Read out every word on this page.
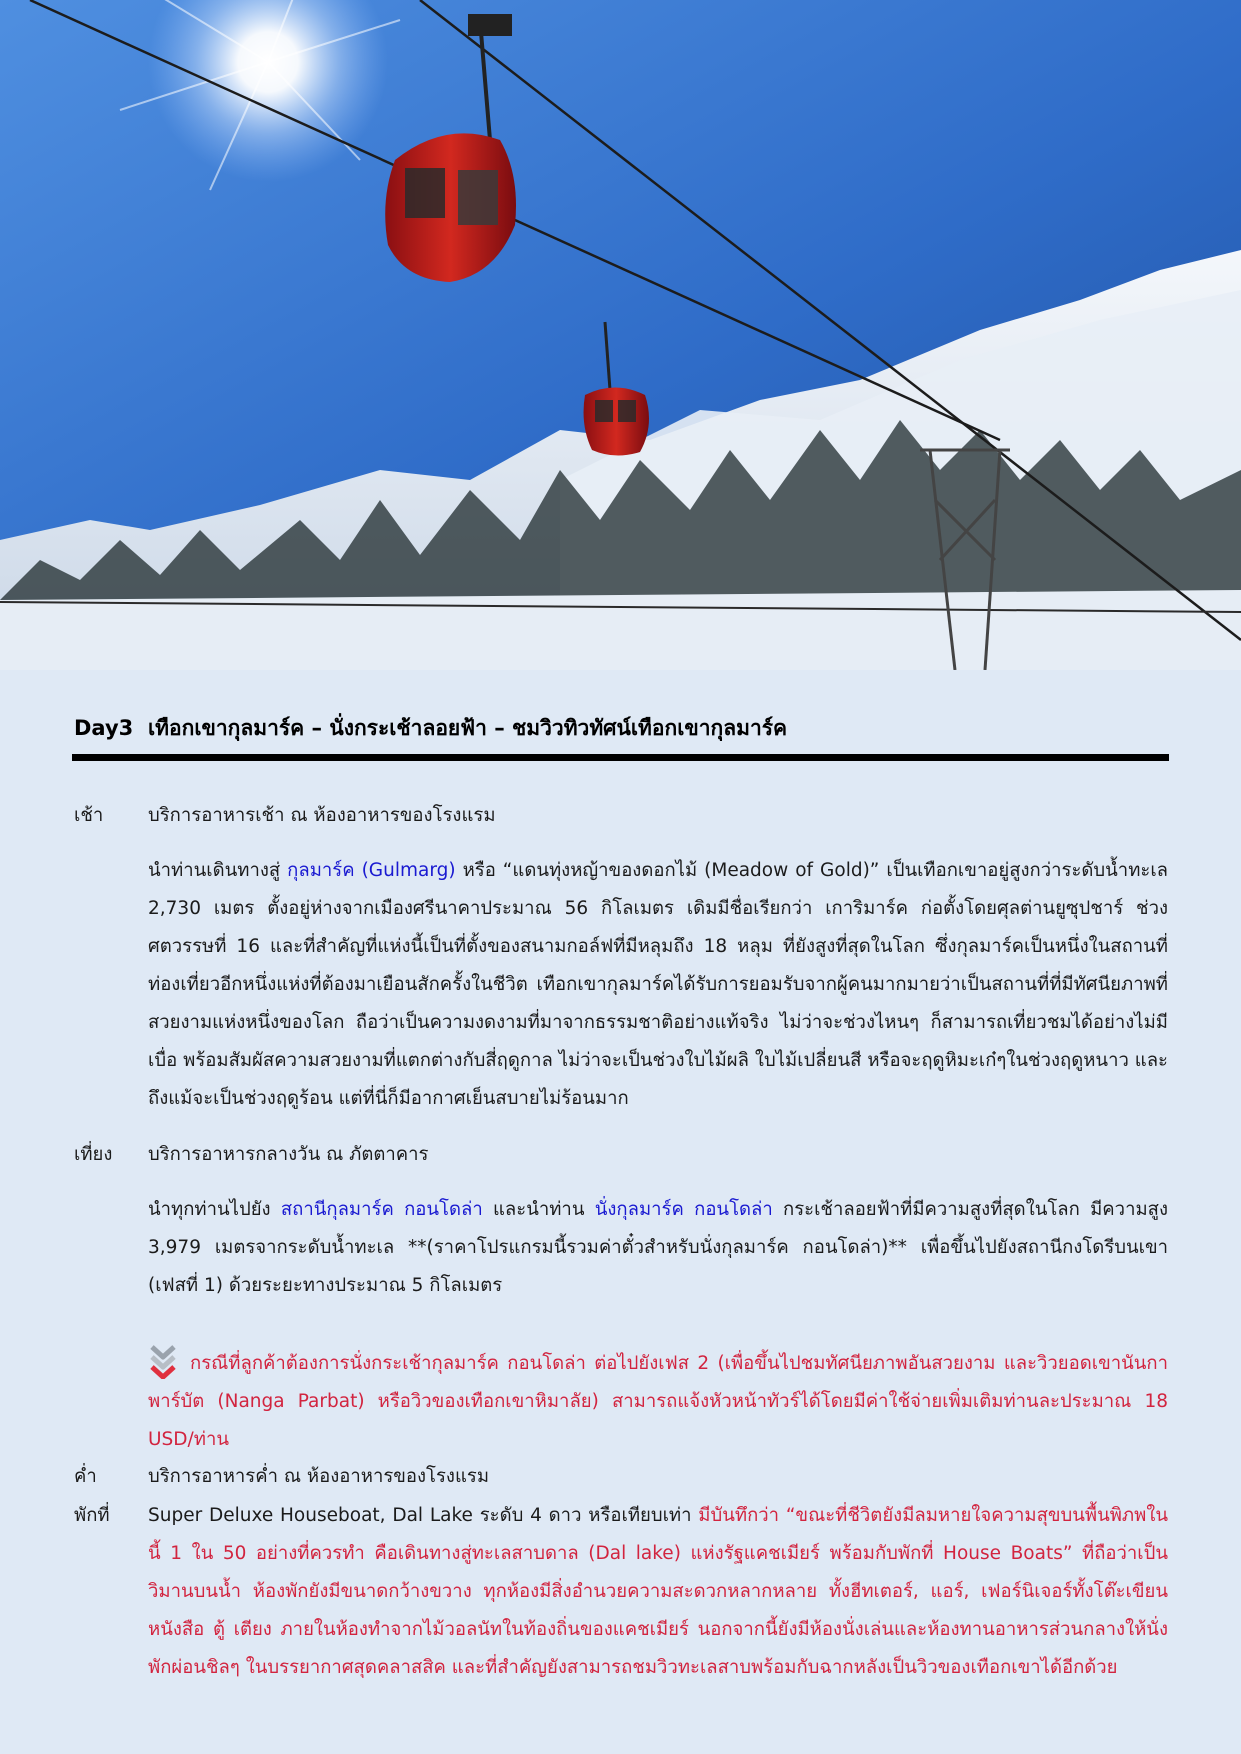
Day3 เทือกเขากุลมาร์ค – นั่งกระเช้าลอยฟ้า – ชมวิวทิวทัศน์เทือกเขากุลมาร์ค
เช้า	บริการอาหารเช้า ณ ห้องอาหารของโรงแรม
นำท่านเดินทางสู่ กุลมาร์ค (Gulmarg) หรือ “แดนทุ่งหญ้าของดอกไม้ (Meadow of Gold)” เป็นเทือกเขาอยู่สูงกว่าระดับน้ำทะเล 2,730 เมตร ตั้งอยู่ห่างจากเมืองศรีนาคาประมาณ 56 กิโลเมตร เดิมมีชื่อเรียกว่า เการิมาร์ค ก่อตั้งโดยศุลต่านยูซุปชาร์ ช่วงศตวรรษที่ 16 และที่สำคัญที่แห่งนี้เป็นที่ตั้งของสนามกอล์ฟที่มีหลุมถึง 18 หลุม ที่ยังสูงที่สุดในโลก ซึ่งกุลมาร์คเป็นหนึ่งในสถานที่ท่องเที่ยวอีกหนึ่งแห่งที่ต้องมาเยือนสักครั้งในชีวิต เทือกเขากุลมาร์คได้รับการยอมรับจากผู้คนมากมายว่าเป็นสถานที่ที่มีทัศนียภาพที่สวยงามแห่งหนึ่งของโลก ถือว่าเป็นความงดงามที่มาจากธรรมชาติอย่างแท้จริง ไม่ว่าจะช่วงไหนๆ ก็สามารถเที่ยวชมได้อย่างไม่มีเบื่อ พร้อมสัมผัสความสวยงามที่แตกต่างกับสี่ฤดูกาล ไม่ว่าจะเป็นช่วงใบไม้ผลิ ใบไม้เปลี่ยนสี หรือจะฤดูหิมะเก๋ๆในช่วงฤดูหนาว และถึงแม้จะเป็นช่วงฤดูร้อน แต่ที่นี่ก็มีอากาศเย็นสบายไม่ร้อนมาก
เที่ยง	บริการอาหารกลางวัน ณ ภัตตาคาร
นำทุกท่านไปยัง สถานีกุลมาร์ค กอนโดล่า และนำท่าน นั่งกุลมาร์ค กอนโดล่า กระเช้าลอยฟ้าที่มีความสูงที่สุดในโลก มีความสูง 3,979 เมตรจากระดับน้ำทะเล **(ราคาโปรแกรมนี้รวมค่าตั๋วสำหรับนั่งกุลมาร์ค กอนโดล่า)** เพื่อขึ้นไปยังสถานีกงโดรีบนเขา (เฟสที่ 1) ด้วยระยะทางประมาณ 5 กิโลเมตร
กรณีที่ลูกค้าต้องการนั่งกระเช้ากุลมาร์ค กอนโดล่า ต่อไปยังเฟส 2 (เพื่อขึ้นไปชมทัศนียภาพอันสวยงาม และวิวยอดเขานันกาพาร์บัต (Nanga Parbat) หรือวิวของเทือกเขาหิมาลัย) สามารถแจ้งหัวหน้าทัวร์ได้โดยมีค่าใช้จ่ายเพิ่มเติมท่านละประมาณ 18 USD/ท่าน
ค่ำ	บริการอาหารค่ำ ณ ห้องอาหารของโรงแรม
พักที่	Super Deluxe Houseboat, Dal Lake ระดับ 4 ดาว หรือเทียบเท่า มีบันทึกว่า “ขณะที่ชีวิตยังมีลมหายใจความสุขบนพื้นพิภพในนี้ 1 ใน 50 อย่างที่ควรทำ คือเดินทางสู่ทะเลสาบดาล (Dal lake) แห่งรัฐแคชเมียร์ พร้อมกับพักที่ House Boats” ที่ถือว่าเป็นวิมานบนน้ำ ห้องพักยังมีขนาดกว้างขวาง ทุกห้องมีสิ่งอำนวยความสะดวกหลากหลาย ทั้งฮีทเตอร์, แอร์, เฟอร์นิเจอร์ทั้งโต๊ะเขียนหนังสือ ตู้ เตียง ภายในห้องทำจากไม้วอลนัทในท้องถิ่นของแคชเมียร์ นอกจากนี้ยังมีห้องนั่งเล่นและห้องทานอาหารส่วนกลางให้นั่งพักผ่อนชิลๆ ในบรรยากาศสุดคลาสสิค และที่สำคัญยังสามารถชมวิวทะเลสาบพร้อมกับฉากหลังเป็นวิวของเทือกเขาได้อีกด้วย
